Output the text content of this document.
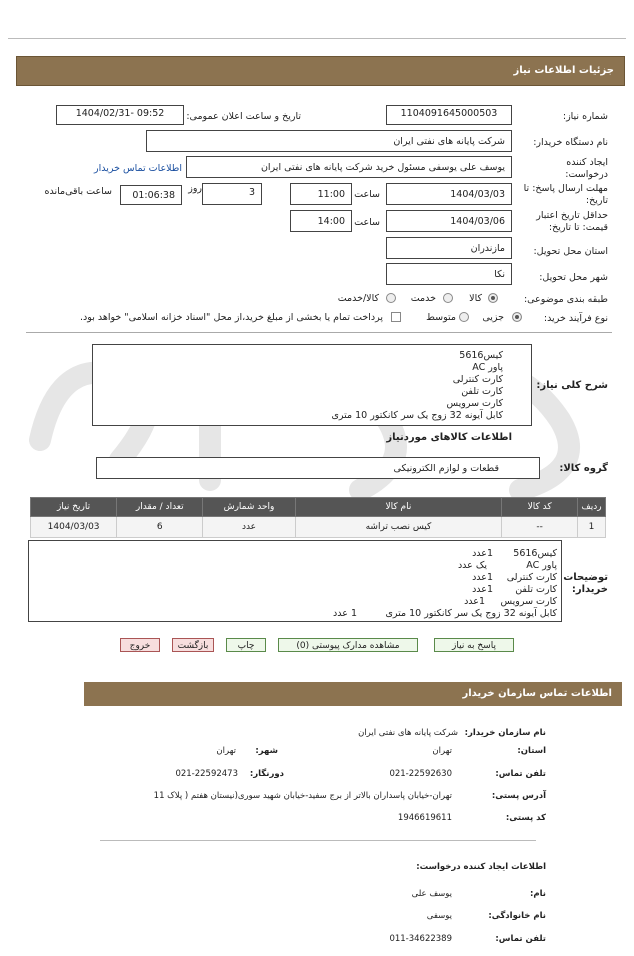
جزئیات اطلاعات نیاز
شماره نیاز:
1104091645000503
تاریخ و ساعت اعلان عمومی:
1404/02/31- 09:52
نام دستگاه خریدار:
شرکت پایانه های نفتی ایران
ایجاد کننده
درخواست:
یوسف علی یوسفی مسئول خرید شرکت پایانه های نفتی ایران
اطلاعات تماس خریدار
مهلت ارسال پاسخ: تا
تاریخ:
1404/03/03
ساعت
11:00
3
روز
01:06:38
ساعت باقی‌مانده
حداقل تاریخ اعتبار
قیمت: تا تاریخ:
1404/03/06
ساعت
14:00
استان محل تحویل:
مازندران
شهر محل تحویل:
نکا
طبقه بندی موضوعی:
کالا
خدمت
کالا/خدمت
نوع فرآیند خرید:
جزیی
متوسط
پرداخت تمام یا بخشی از مبلغ خرید،از محل "اسناد خزانه اسلامی" خواهد بود.
شرح کلی نیاز:
کیس5616
پاور AC
کارت کنترلی
کارت تلفن
کارت سرویس
کابل آیونه 32 زوج یک سر کانکتور 10 متری
اطلاعات کالاهای موردنیاز
گروه کالا:
قطعات و لوازم الکترونیکی
ردیف	کد کالا	نام کالا	واحد شمارش	تعداد / مقدار	تاریخ نیاز
1	--	کیس نصب تراشه	عدد	6	1404/03/03
توضیحات
خریدار:
کیس5616
1عدد
پاور AC
یک عدد
کارت کنترلی
1عدد
کارت تلفن
1عدد
کارت سرویس
1عدد
کابل آیونه 32 زوج یک سر کانکتور 10 متری
1 عدد
پاسخ به نیاز
مشاهده مدارک پیوستی (0)
چاپ
بازگشت
خروج
اطلاعات تماس سازمان خریدار
نام سازمان خریدار:
شرکت پایانه های نفتی ایران
استان:
تهران
شهر:
تهران
تلفن تماس:
021-22592630
دورنگار:
021-22592473
آدرس پستی:
تهران-خیابان پاسداران بالاتر از برج سفید-خیابان شهید سوری(نیستان هفتم ( پلاک 11
کد پستی:
1946619611
اطلاعات ایجاد کننده درخواست:
نام:
یوسف علی
نام خانوادگی:
یوسفی
تلفن تماس:
011-34622389
